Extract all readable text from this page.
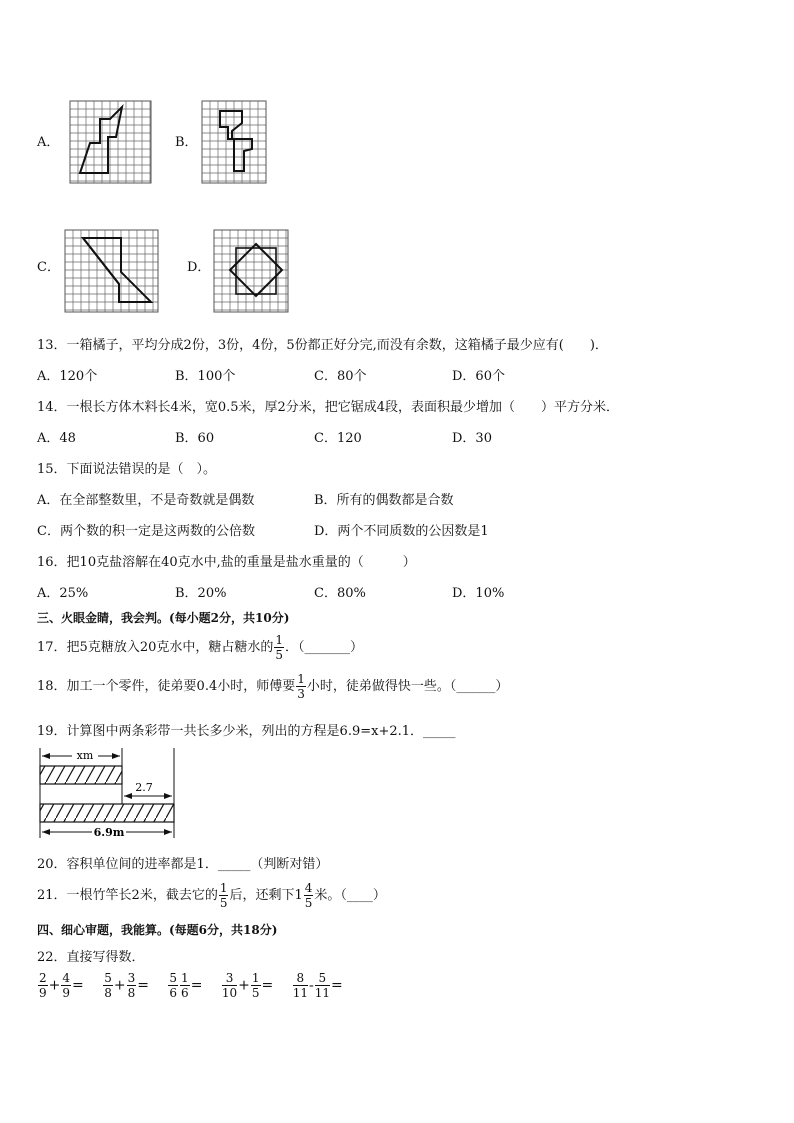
A．	B．
C．	D．
13．一箱橘子，平均分成2份，3份，4份，5份都正好分完,而没有余数，这箱橘子最少应有(　　)．
A．120个	B．100个	C．80个	D．60个
14．一根长方体木料长4米，宽0.5米，厚2分米，把它锯成4段，表面积最少增加（　　）平方分米．
A．48	B．60	C．120	D．30
15．下面说法错误的是（　）。
A．在全部整数里，不是奇数就是偶数	B．所有的偶数都是合数
C．两个数的积一定是这两数的公倍数	D．两个不同质数的公因数是1
16．把10克盐溶解在40克水中,盐的重量是盐水重量的（　　　）
A．25%	B．20%	C．80%	D．10%
三、火眼金睛，我会判。(每小题2分，共10分)
17．把5克糖放入20克水中，糖占糖水的 $\frac{1}{5}$ ．（_______）
18．加工一个零件，徒弟要0.4小时，师傅要 $\frac{1}{3}$ 小时，徒弟做得快一些。（______）
19．计算图中两条彩带一共长多少米，列出的方程是6.9=x+2.1．_____
xm
2.7
6.9m
20．容积单位间的进率都是1．_____（判断对错）
21．一根竹竿长2米，截去它的 $\frac{1}{5}$ 后，还剩下$1 \frac{4}{5}$ 米。（____）
四、细心审题，我能算。(每题6分，共18分)
22．直接写得数．
$\frac{2}{9} + \frac{4}{9} = \frac{5}{8} + \frac{3}{8} = \frac{5}{6} \frac{1}{6} = \frac{3}{10} + \frac{1}{5} = \frac{8}{11} - \frac{5}{11}$ =
